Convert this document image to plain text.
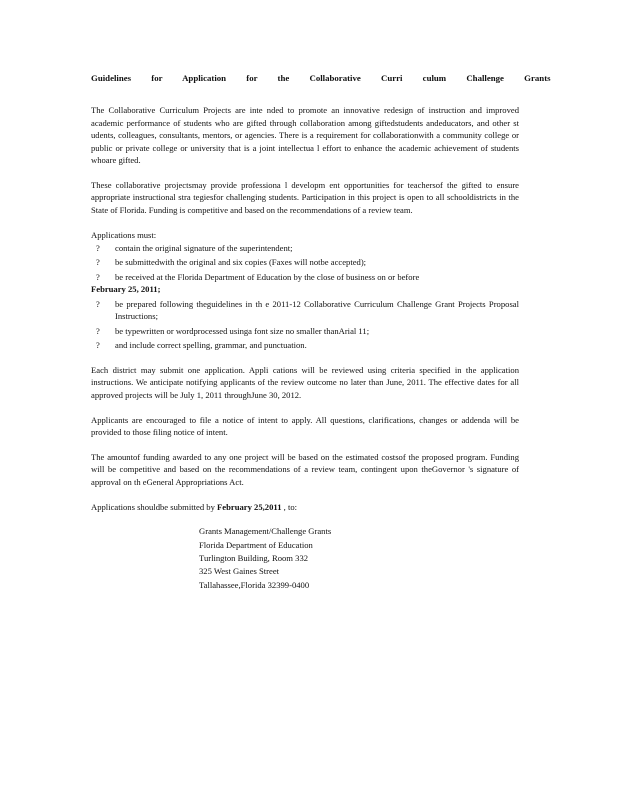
Guidelines for Application for the Collaborative Curri culum Challenge Grants

The Collaborative Curriculum Projects are inte nded to promote an innovative redesign of instruction and improved academic performance of students who are gifted through collaboration among giftedstudents andeducators, and other st udents, colleagues, consultants, mentors, or agencies. There is a requirement for collaborationwith a community college or public or private college or university that is a joint intellectua l effort to enhance the academic achievement of students whoare gifted.

These collaborative projectsmay provide professiona l developm ent opportunities for teachersof the gifted to ensure appropriate instructional stra tegiesfor challenging students. Participation in this project is open to all schooldistricts in the State of Florida. Funding is competitive and based on the recommendations of a review team.

Applications must:
? contain the original signature of the superintendent;
? be submittedwith the original and six copies (Faxes will notbe accepted);
? be received at the Florida Department of Education by the close of business on or before
February 25, 2011;
? be prepared following theguidelines in th e 2011-12 Collaborative Curriculum Challenge Grant Projects Proposal Instructions;
? be typewritten or wordprocessed usinga font size no smaller thanArial 11;
? and include correct spelling, grammar, and punctuation.

Each district may submit one application. Appli cations will be reviewed using criteria specified in the application instructions. We anticipate notifying applicants of the review outcome no later than June, 2011. The effective dates for all approved projects will be July 1, 2011 throughJune 30, 2012.

Applicants are encouraged to file a notice of intent to apply. All questions, clarifications, changes or addenda will be provided to those filing notice of intent.

The amountof funding awarded to any one project will be based on the estimated costsof the proposed program. Funding will be competitive and based on the recommendations of a review team, contingent upon theGovernor 's signature of approval on th eGeneral Appropriations Act.

Applications shouldbe submitted by February 25,2011 , to:

Grants Management/Challenge Grants
Florida Department of Education
Turlington Building, Room 332
325 West Gaines Street
Tallahassee,Florida 32399-0400
